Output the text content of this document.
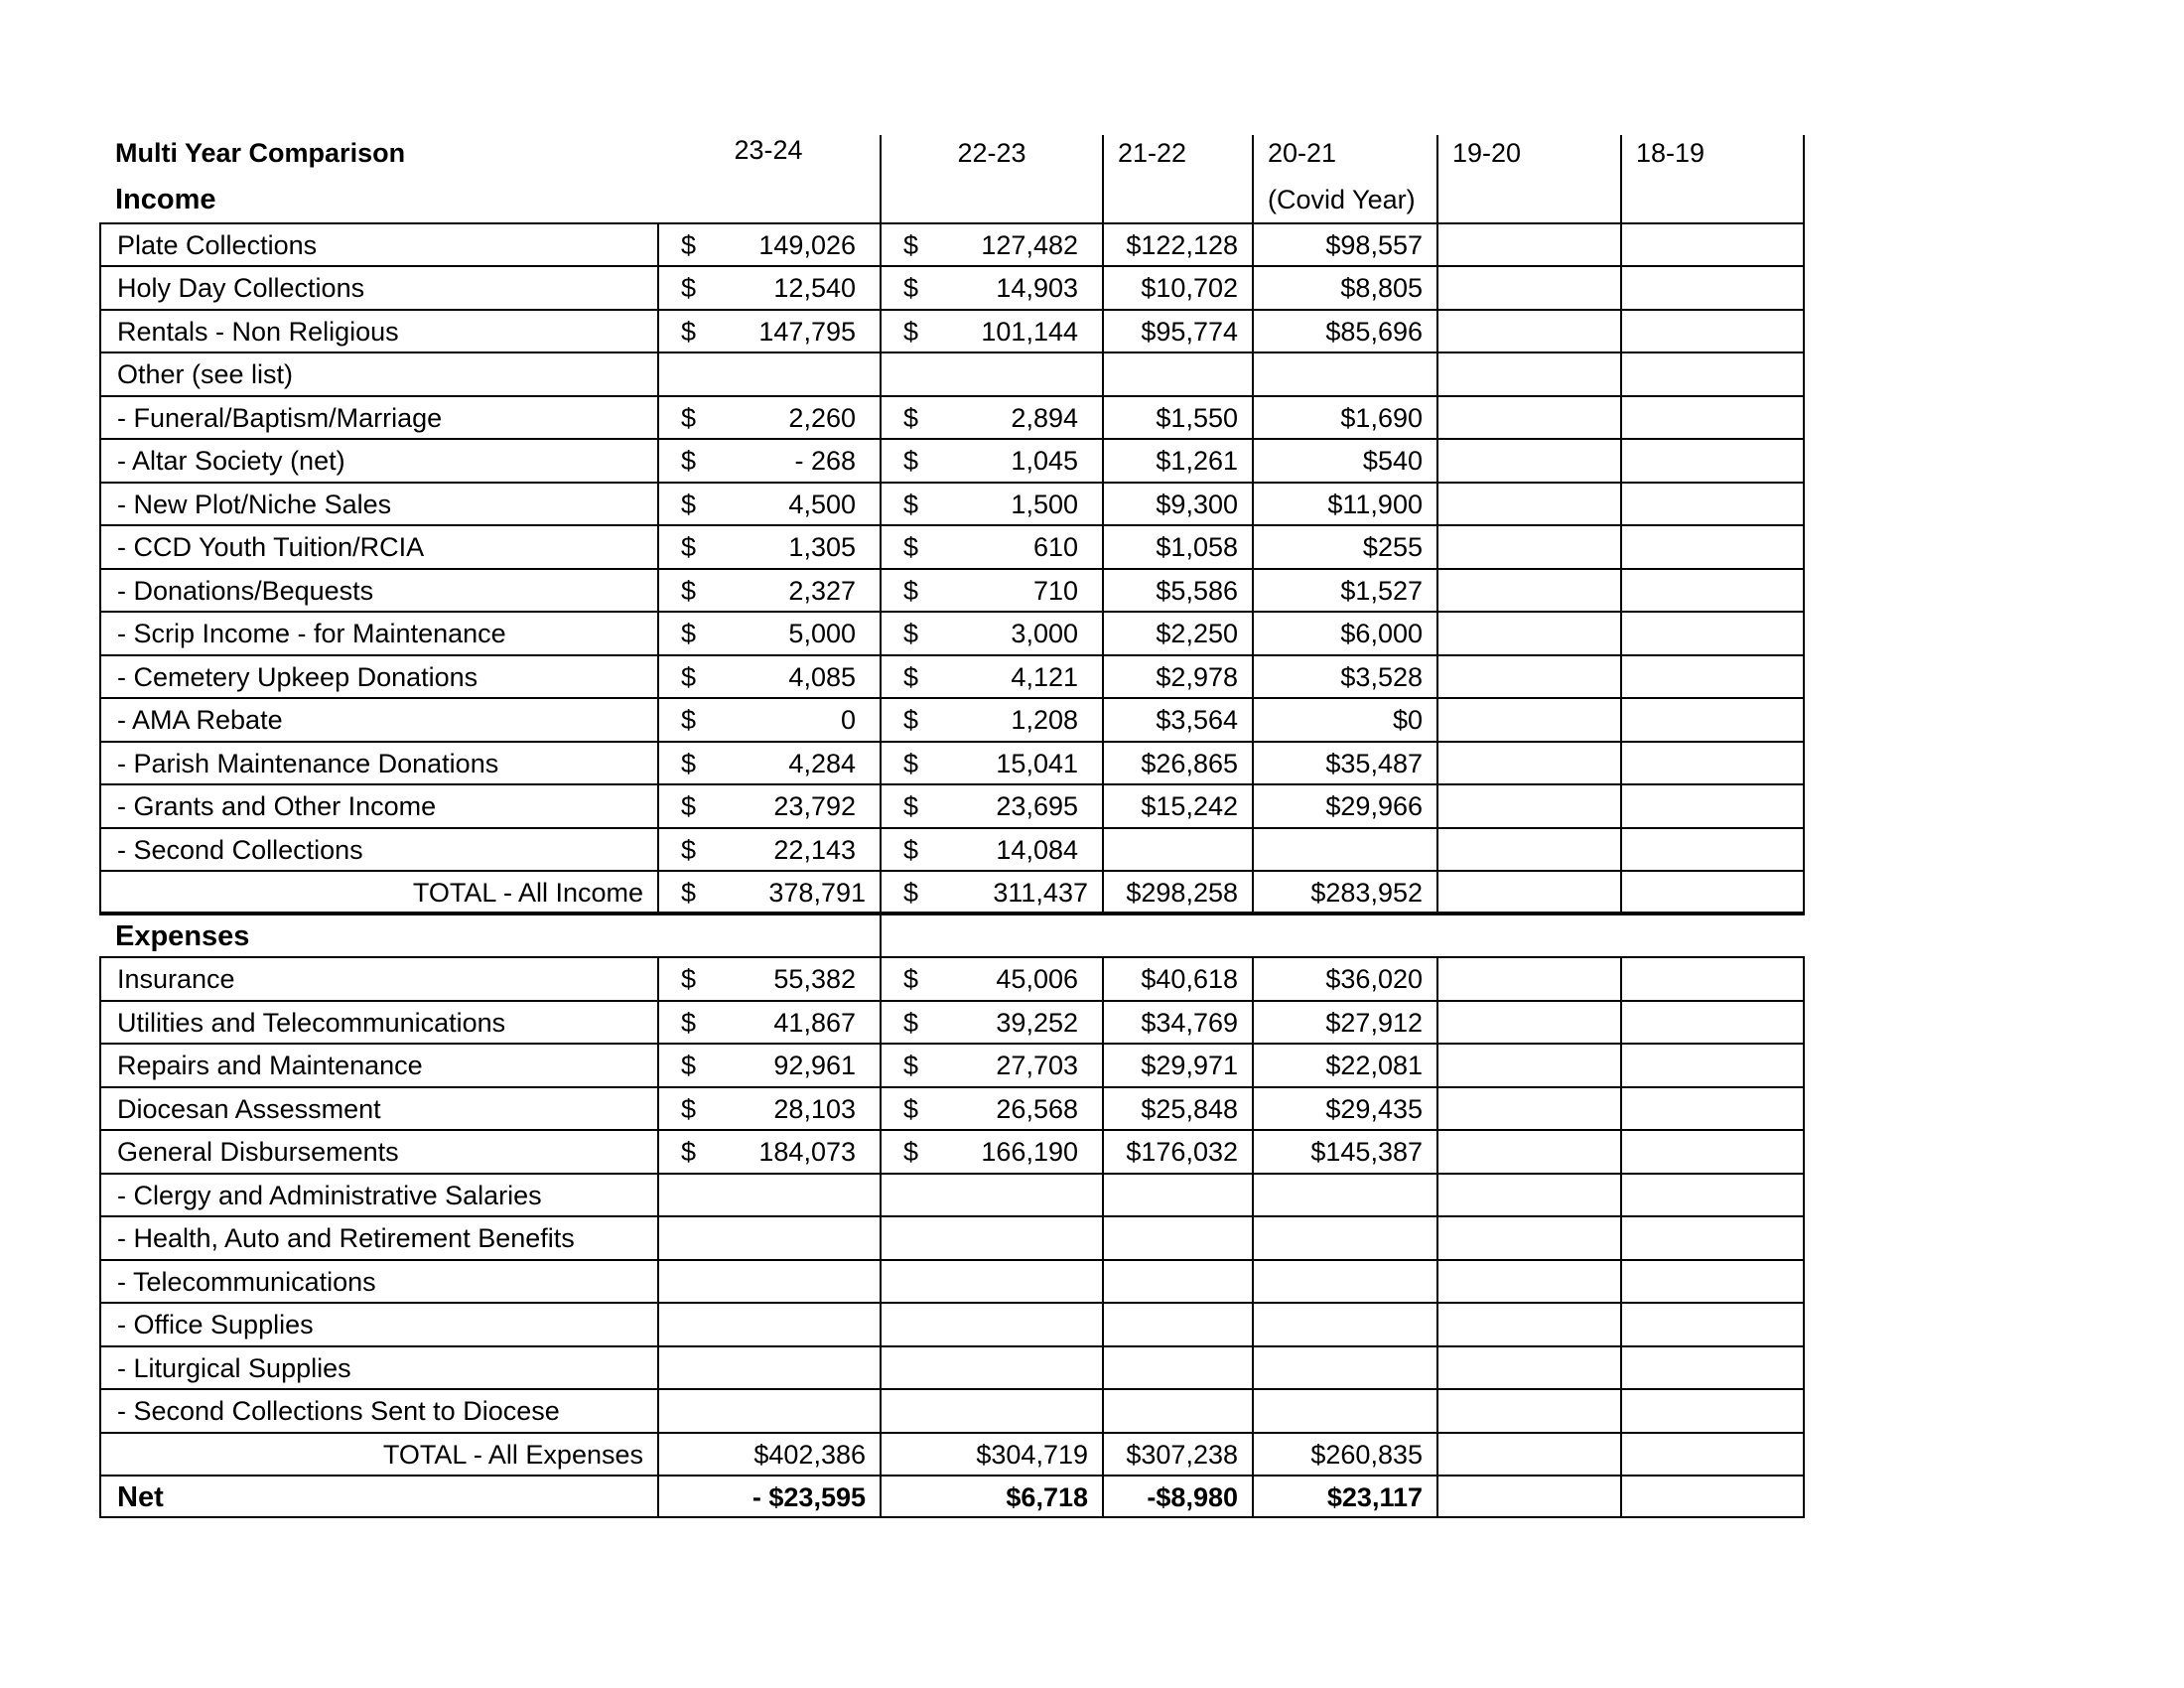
Multi Year Comparison	23-24	22-23	21-22	20-21	19-20	18-19
Income	(Covid Year)
Plate Collections	$ 149,026 $ 127,482 $122,128	$98,557
Holy Day Collections	$	12,540 $	14,903 $10,702	$8,805
Rentals - Non Religious	$ 147,795 $ 101,144 $95,774	$85,696
Other (see list)
- Funeral/Baptism/Marriage	$	2,260 $	2,894	$1,550	$1,690
- Altar Society (net)	$	- 268 $	1,045	$1,261	$540
- New Plot/Niche Sales	$	4,500 $	1,500	$9,300	$11,900
- CCD Youth Tuition/RCIA	$	1,305 $	610	$1,058	$255
- Donations/Bequests	$	2,327 $	710	$5,586	$1,527
- Scrip Income - for Maintenance	$	5,000 $	3,000	$2,250	$6,000
- Cemetery Upkeep Donations	$	4,085 $	4,121	$2,978	$3,528
- AMA Rebate	$	0 $	1,208	$3,564	$0
- Parish Maintenance Donations	$	4,284 $	15,041 $26,865	$35,487
- Grants and Other Income	$	23,792 $	23,695 $15,242	$29,966
- Second Collections	$	22,143 $	14,084
TOTAL - All Income	$	378,791 $	311,437 $298,258	$283,952
Expenses
Insurance	$	55,382 $	45,006 $40,618	$36,020
Utilities and Telecommunications	$	41,867 $	39,252 $34,769	$27,912
Repairs and Maintenance	$	92,961 $	27,703 $29,971	$22,081
Diocesan Assessment	$	28,103 $	26,568 $25,848	$29,435
General Disbursements	$ 184,073 $ 166,190 $176,032	$145,387
- Clergy and Administrative Salaries
- Health, Auto and Retirement Benefits
- Telecommunications
- Office Supplies
- Liturgical Supplies
- Second Collections Sent to Diocese
TOTAL - All Expenses	$402,386	$304,719 $307,238	$260,835
Net	- $23,595	$6,718 -$8,980	$23,117
